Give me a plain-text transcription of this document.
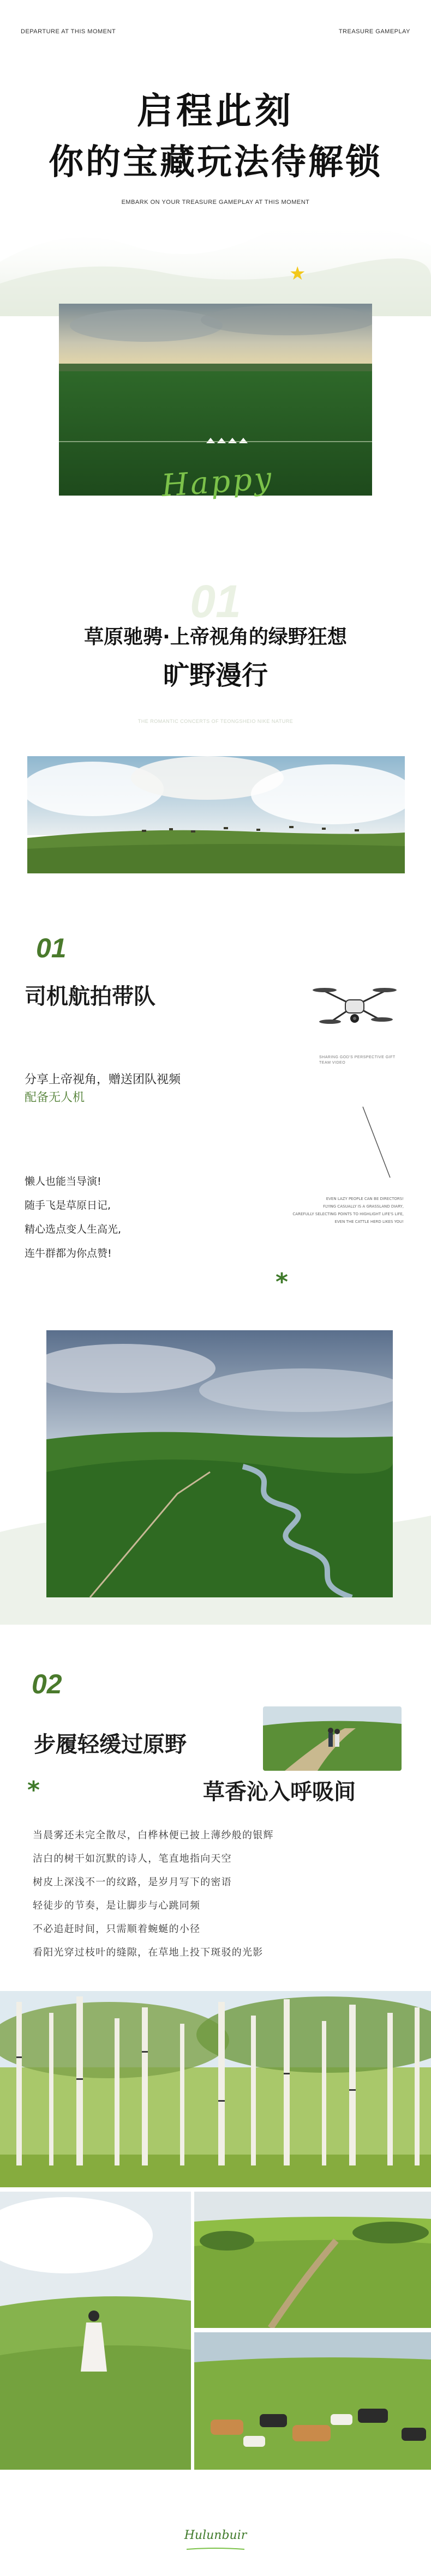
DEPARTURE AT THIS MOMENT	TREASURE GAMEPLAY
启程此刻
你的宝藏玩法待解锁
EMBARK ON YOUR TREASURE GAMEPLAY AT THIS MOMENT
★
Happy
01
草原驰骋·上帝视角的绿野狂想
旷野漫行
THE ROMANTIC CONCERTS OF TEONGSHEIO NIKE NATURE
01
司机航拍带队
SHARING GOD'S PERSPECTIVE GIFT TEAM VIDEO
分享上帝视角，赠送团队视频
配备无人机
懒人也能当导演!
随手飞是草原日记,
精心选点变人生高光,
连牛群都为你点赞!
EVEN LAZY PEOPLE CAN BE DIRECTORS!
FLYING CASUALLY IS A GRASSLAND DIARY,
CAREFULLY SELECTING POINTS TO HIGHLIGHT LIFE'S LIFE,
EVEN THE CATTLE HERD LIKES YOU!
*
02
步履轻缓过原野
*	草香沁入呼吸间
当晨雾还未完全散尽，白桦林便已披上薄纱般的银辉
洁白的树干如沉默的诗人，笔直地指向天空
树皮上深浅不一的纹路，是岁月写下的密语
轻徒步的节奏，是让脚步与心跳同频
不必追赶时间，只需顺着蜿蜒的小径
看阳光穿过枝叶的缝隙，在草地上投下斑驳的光影
Hulunbuir
